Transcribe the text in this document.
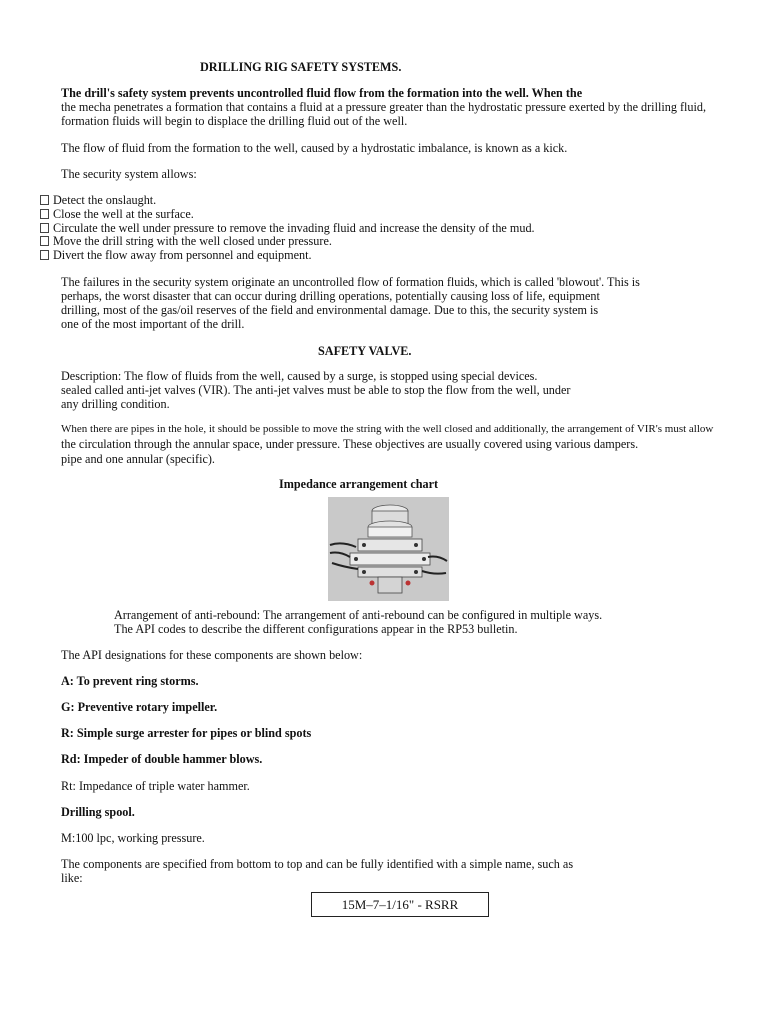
DRILLING RIG SAFETY SYSTEMS.
The drill's safety system prevents uncontrolled fluid flow from the formation into the well. When the
the mecha penetrates a formation that contains a fluid at a pressure greater than the hydrostatic pressure exerted by the drilling fluid,
formation fluids will begin to displace the drilling fluid out of the well.
The flow of fluid from the formation to the well, caused by a hydrostatic imbalance, is known as a kick.
The security system allows:
Detect the onslaught.
Close the well at the surface.
Circulate the well under pressure to remove the invading fluid and increase the density of the mud.
Move the drill string with the well closed under pressure.
Divert the flow away from personnel and equipment.
The failures in the security system originate an uncontrolled flow of formation fluids, which is called 'blowout'. This is
perhaps, the worst disaster that can occur during drilling operations, potentially causing loss of life, equipment
drilling, most of the gas/oil reserves of the field and environmental damage. Due to this, the security system is
one of the most important of the drill.
SAFETY VALVE.
Description: The flow of fluids from the well, caused by a surge, is stopped using special devices.
sealed called anti-jet valves (VIR). The anti-jet valves must be able to stop the flow from the well, under
any drilling condition.
When there are pipes in the hole, it should be possible to move the string with the well closed and additionally, the arrangement of VIR's must allow
the circulation through the annular space, under pressure. These objectives are usually covered using various dampers.
pipe and one annular (specific).
Impedance arrangement chart
Arrangement of anti-rebound: The arrangement of anti-rebound can be configured in multiple ways.
The API codes to describe the different configurations appear in the RP53 bulletin.
The API designations for these components are shown below:
A: To prevent ring storms.
G: Preventive rotary impeller.
R: Simple surge arrester for pipes or blind spots
Rd: Impeder of double hammer blows.
Rt: Impedance of triple water hammer.
Drilling spool.
M:100 lpc, working pressure.
The components are specified from bottom to top and can be fully identified with a simple name, such as
like:
15M–7–1/16" - RSRR
